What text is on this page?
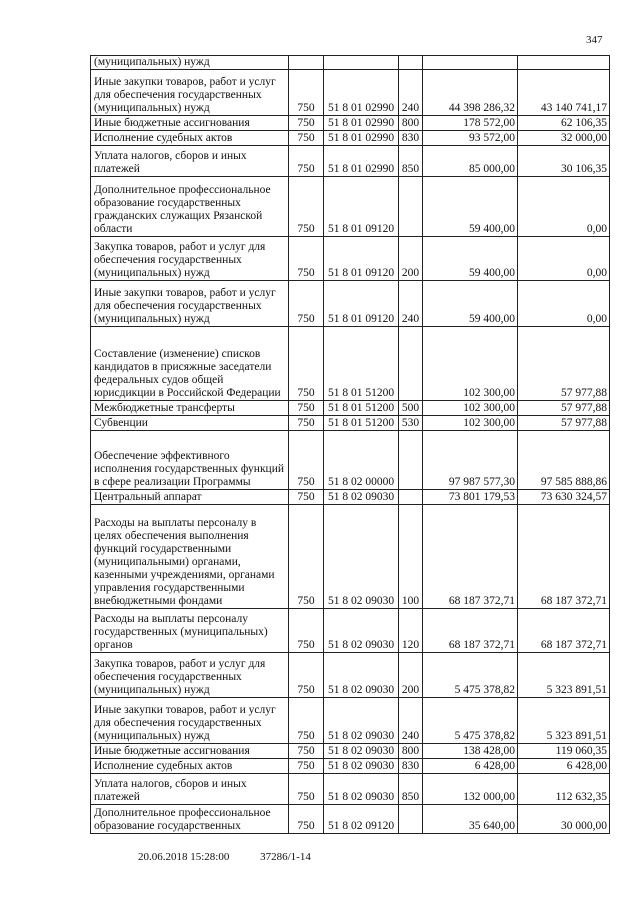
347
(муниципальных) нужд					
Иные закупки товаров, работ и услуг для обеспечения государственных (муниципальных) нужд	750	51 8 01 02990	240	44 398 286,32	43 140 741,17
Иные бюджетные ассигнования	750	51 8 01 02990	800	178 572,00	62 106,35
Исполнение судебных актов	750	51 8 01 02990	830	93 572,00	32 000,00
Уплата налогов, сборов и иных платежей	750	51 8 01 02990	850	85 000,00	30 106,35
Дополнительное профессиональное образование государственных гражданских служащих Рязанской области	750	51 8 01 09120		59 400,00	0,00
Закупка товаров, работ и услуг для обеспечения государственных (муниципальных) нужд	750	51 8 01 09120	200	59 400,00	0,00
Иные закупки товаров, работ и услуг для обеспечения государственных (муниципальных) нужд	750	51 8 01 09120	240	59 400,00	0,00
Составление (изменение) списков кандидатов в присяжные заседатели федеральных судов общей юрисдикции в Российской Федерации	750	51 8 01 51200		102 300,00	57 977,88
Межбюджетные трансферты	750	51 8 01 51200	500	102 300,00	57 977,88
Субвенции	750	51 8 01 51200	530	102 300,00	57 977,88
Обеспечение эффективного исполнения государственных функций в сфере реализации Программы	750	51 8 02 00000		97 987 577,30	97 585 888,86
Центральный аппарат	750	51 8 02 09030		73 801 179,53	73 630 324,57
Расходы на выплаты персоналу в целях обеспечения выполнения функций государственными (муниципальными) органами, казенными учреждениями, органами управления государственными внебюджетными фондами	750	51 8 02 09030	100	68 187 372,71	68 187 372,71
Расходы на выплаты персоналу государственных (муниципальных) органов	750	51 8 02 09030	120	68 187 372,71	68 187 372,71
Закупка товаров, работ и услуг для обеспечения государственных (муниципальных) нужд	750	51 8 02 09030	200	5 475 378,82	5 323 891,51
Иные закупки товаров, работ и услуг для обеспечения государственных (муниципальных) нужд	750	51 8 02 09030	240	5 475 378,82	5 323 891,51
Иные бюджетные ассигнования	750	51 8 02 09030	800	138 428,00	119 060,35
Исполнение судебных актов	750	51 8 02 09030	830	6 428,00	6 428,00
Уплата налогов, сборов и иных платежей	750	51 8 02 09030	850	132 000,00	112 632,35
Дополнительное профессиональное образование государственных	750	51 8 02 09120		35 640,00	30 000,00
20.06.2018 15:28:00	37286/1-14
